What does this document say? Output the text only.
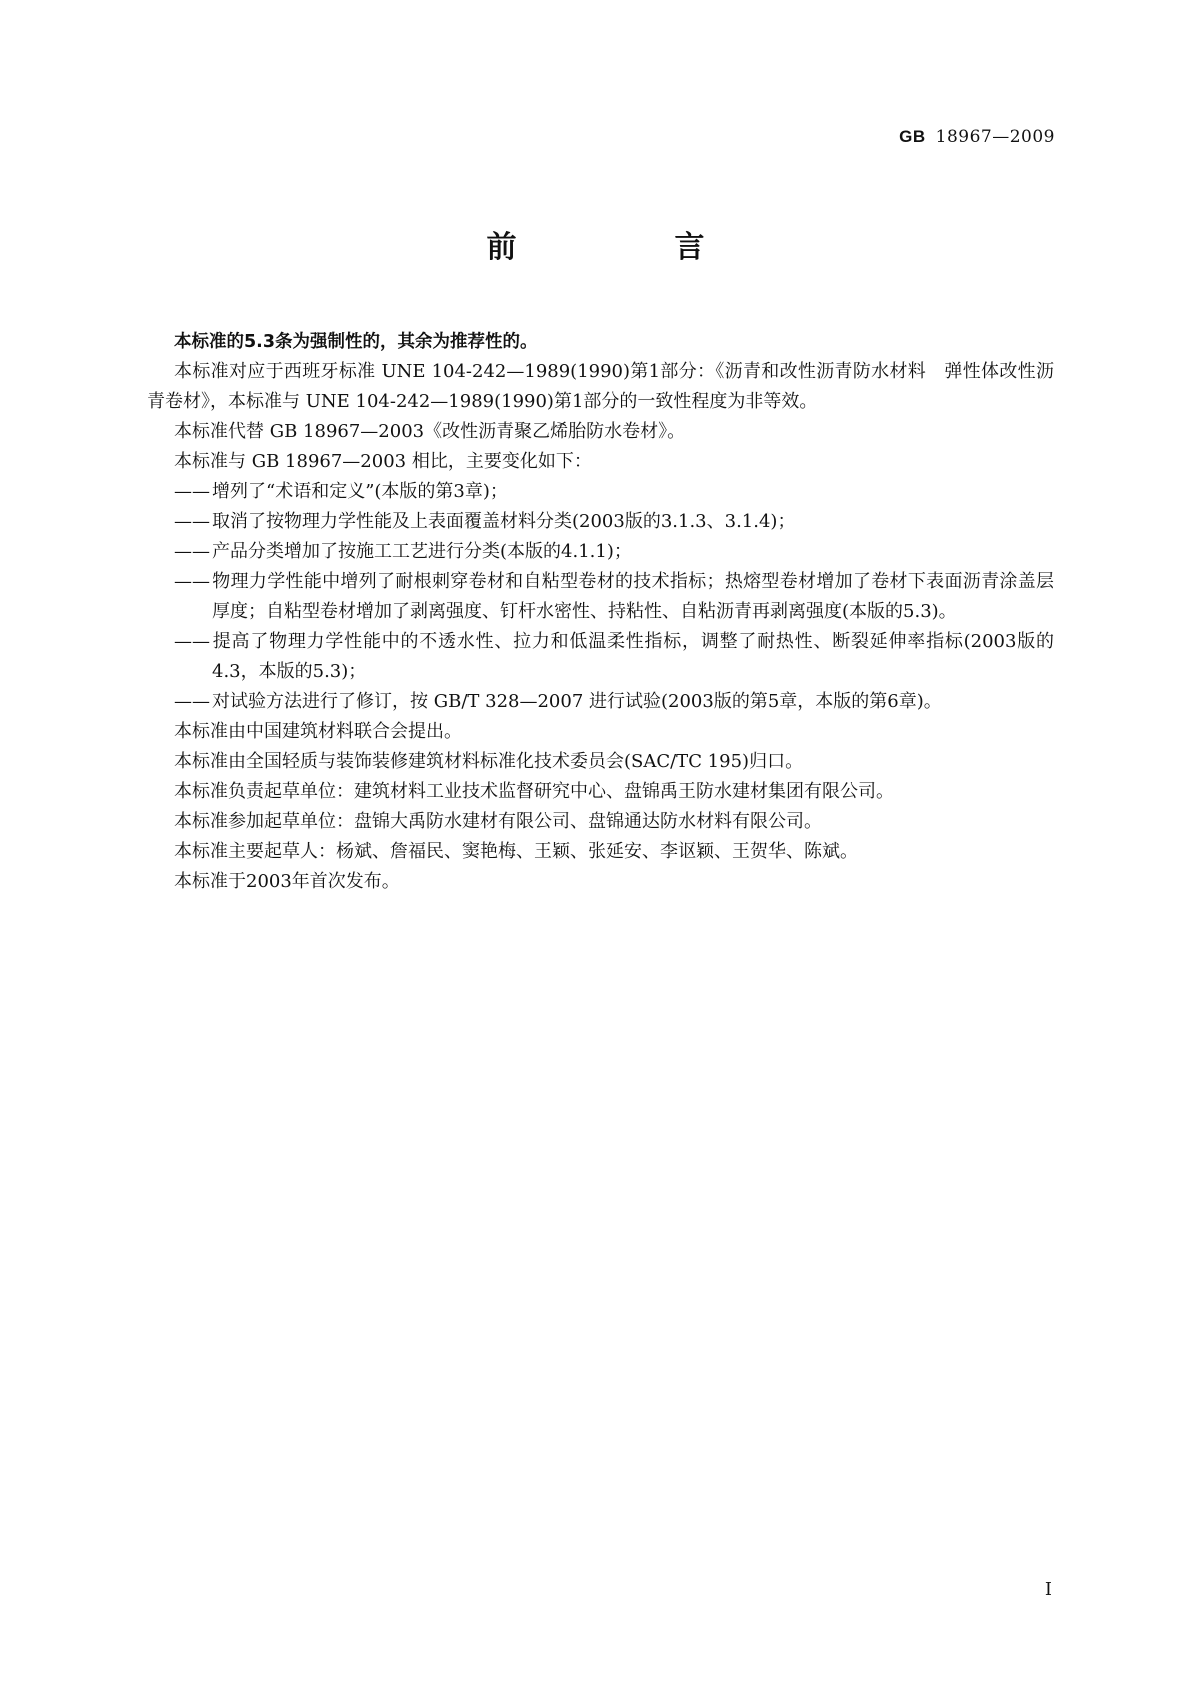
GB 18967—2009
前　言

本标准的5.3条为强制性的，其余为推荐性的。

本标准对应于西班牙标准 UNE 104-242—1989(1990)第1部分：《沥青和改性沥青防水材料　弹性体改性沥青卷材》，本标准与 UNE 104-242—1989(1990)第1部分的一致性程度为非等效。

本标准代替 GB 18967—2003《改性沥青聚乙烯胎防水卷材》。

本标准与 GB 18967—2003 相比，主要变化如下：

—— 增列了“术语和定义”(本版的第3章)；

—— 取消了按物理力学性能及上表面覆盖材料分类(2003版的3.1.3、3.1.4)；

—— 产品分类增加了按施工工艺进行分类(本版的4.1.1)；

—— 物理力学性能中增列了耐根刺穿卷材和自粘型卷材的技术指标；热熔型卷材增加了卷材下表面沥青涂盖层厚度；自粘型卷材增加了剥离强度、钉杆水密性、持粘性、自粘沥青再剥离强度(本版的5.3)。

—— 提高了物理力学性能中的不透水性、拉力和低温柔性指标，调整了耐热性、断裂延伸率指标(2003版的4.3，本版的5.3)；

—— 对试验方法进行了修订，按 GB/T 328—2007 进行试验(2003版的第5章，本版的第6章)。

本标准由中国建筑材料联合会提出。

本标准由全国轻质与装饰装修建筑材料标准化技术委员会(SAC/TC 195)归口。

本标准负责起草单位：建筑材料工业技术监督研究中心、盘锦禹王防水建材集团有限公司。

本标准参加起草单位：盘锦大禹防水建材有限公司、盘锦通达防水材料有限公司。

本标准主要起草人：杨斌、詹福民、窦艳梅、王颖、张延安、李讴颖、王贺华、陈斌。

本标准于2003年首次发布。

I
